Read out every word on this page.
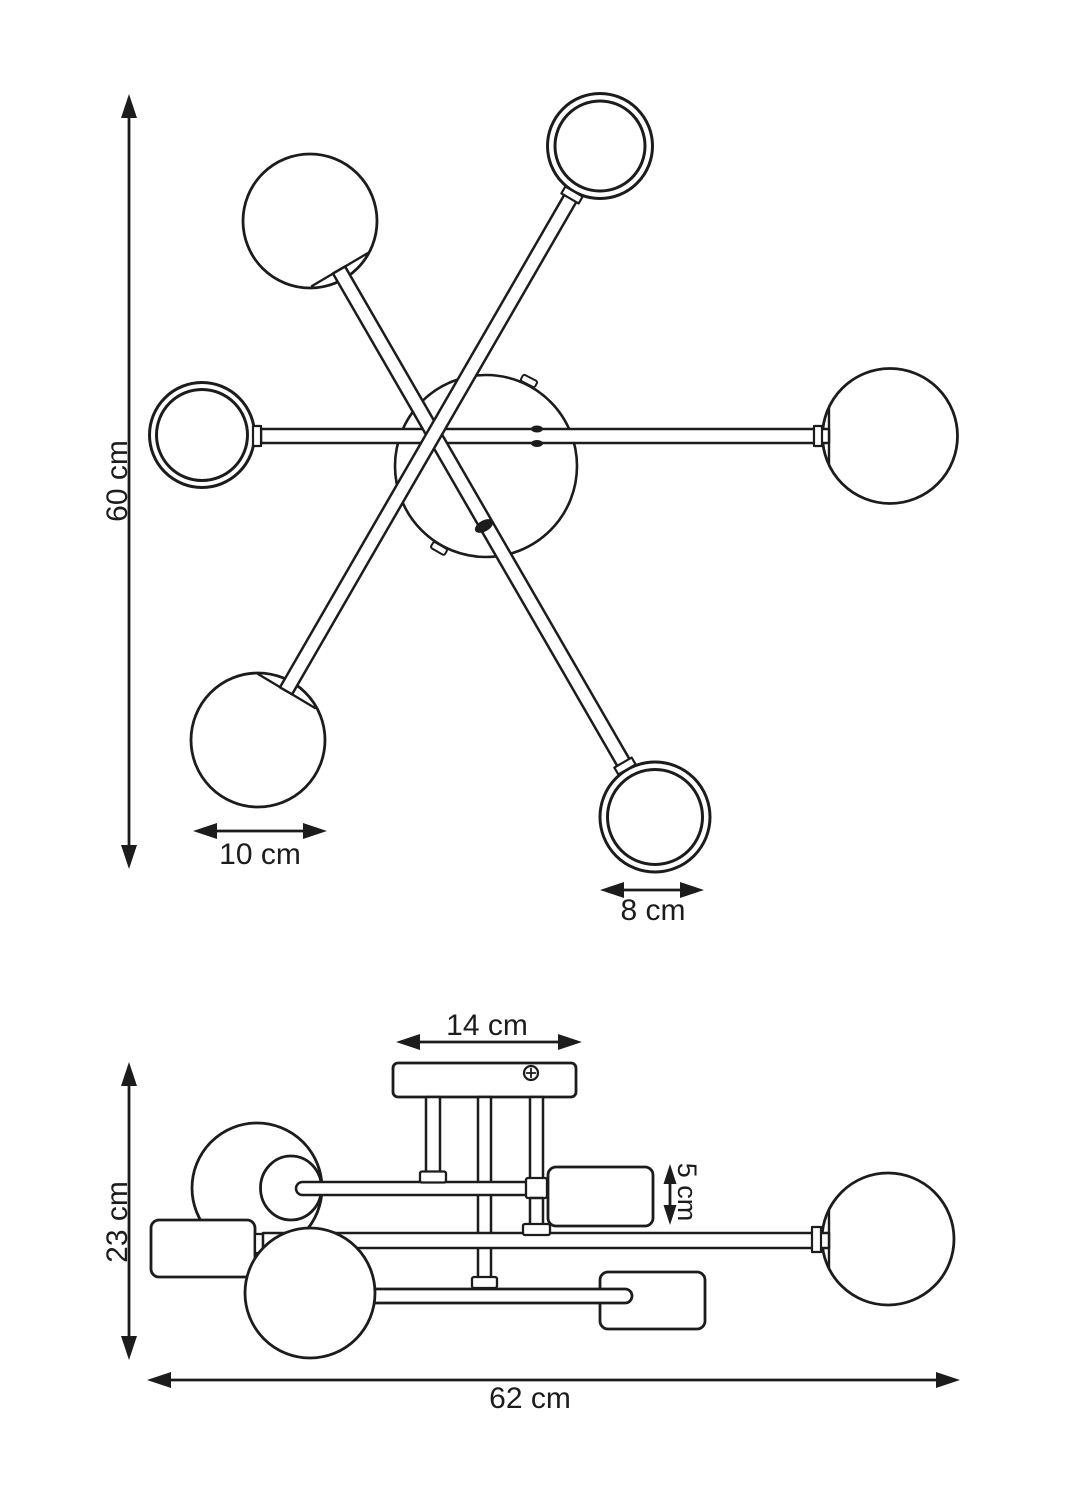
60 cm
10 cm
8 cm
14 cm
5 cm
23 cm
62 cm
